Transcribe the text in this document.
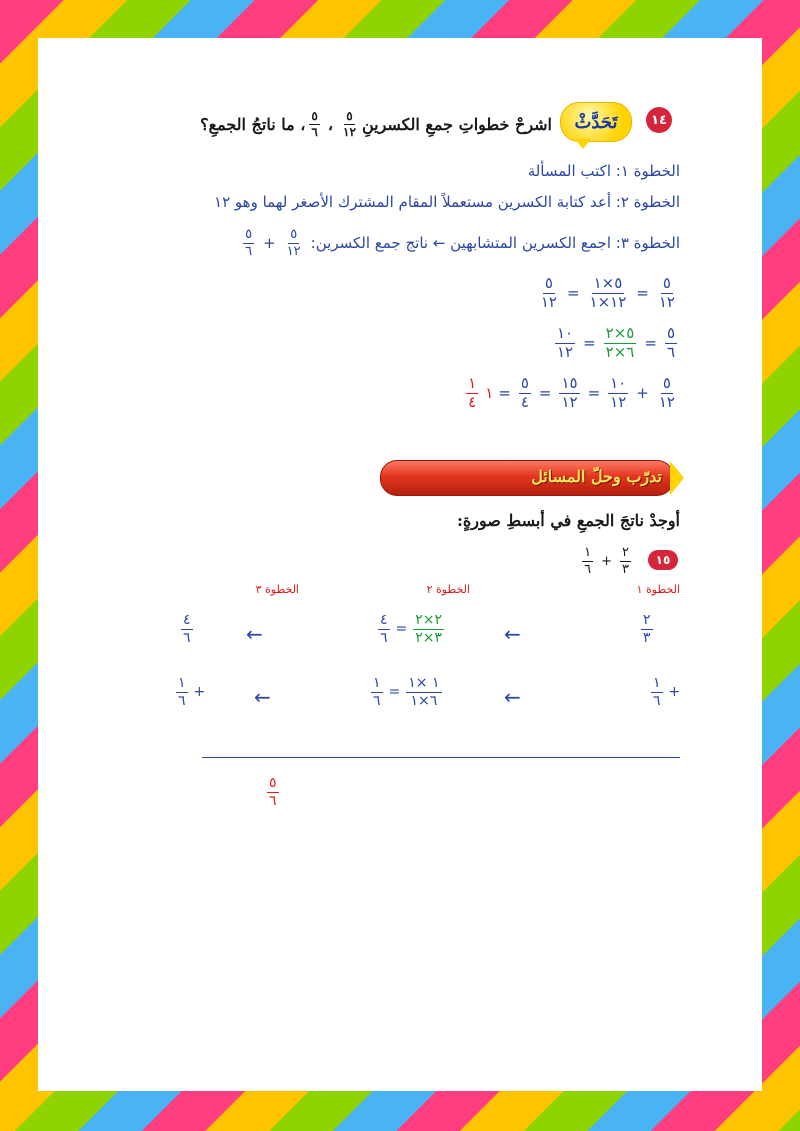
١٤
تَحَدَّثْ
اشرحْ خطواتِ جمعِ الكسرينِ
$\frac{٥}{١٢}$
،
$\frac{٥}{٦}$
، ما ناتجُ الجمعِ؟
الخطوة ١: اكتب المسألة
الخطوة ٢: أعد كتابة الكسرين مستعملاً المقام المشترك الأصغر لهما وهو ١٢
الخطوة ٣: اجمع الكسرين المتشابهين ← ناتج جمع الكسرين:
$\frac{٥}{١٢}$
+
$\frac{٥}{٦}$
$\frac{٥}{١٢}$
=
$\frac{٥\times ١}{١٢\times ١}$
=
$\frac{٥}{١٢}$
$\frac{٥}{٦}$
=
$\frac{٥\times ٢}{٦\times ٢}$
=
$\frac{١٠}{١٢}$
$\frac{٥}{١٢}$
+
$\frac{١٠}{١٢}$
=
$\frac{١٥}{١٢}$
=
$\frac{٥}{٤}$
=
١
$\frac{١}{٤}$
تدرّب وحلّ المسائل
أوجدْ ناتجَ الجمعِ في أبسطِ صورةٍ:
١٥
$\frac{٢}{٣}$
+
$\frac{١}{٦}$
الخطوة ١
الخطوة ٢
الخطوة ٣
$\frac{٢}{٣}$
←
$\frac{٤}{٦} = \frac{٢\times ٢}{٣\times ٢}$
←
$\frac{٤}{٦}$
$\frac{١}{٦}$ +
←
$\frac{١}{٦} = \frac{١ \times ١}{٦\times ١}$
←
$\frac{١}{٦}$ +
$\frac{٥}{٦}$
